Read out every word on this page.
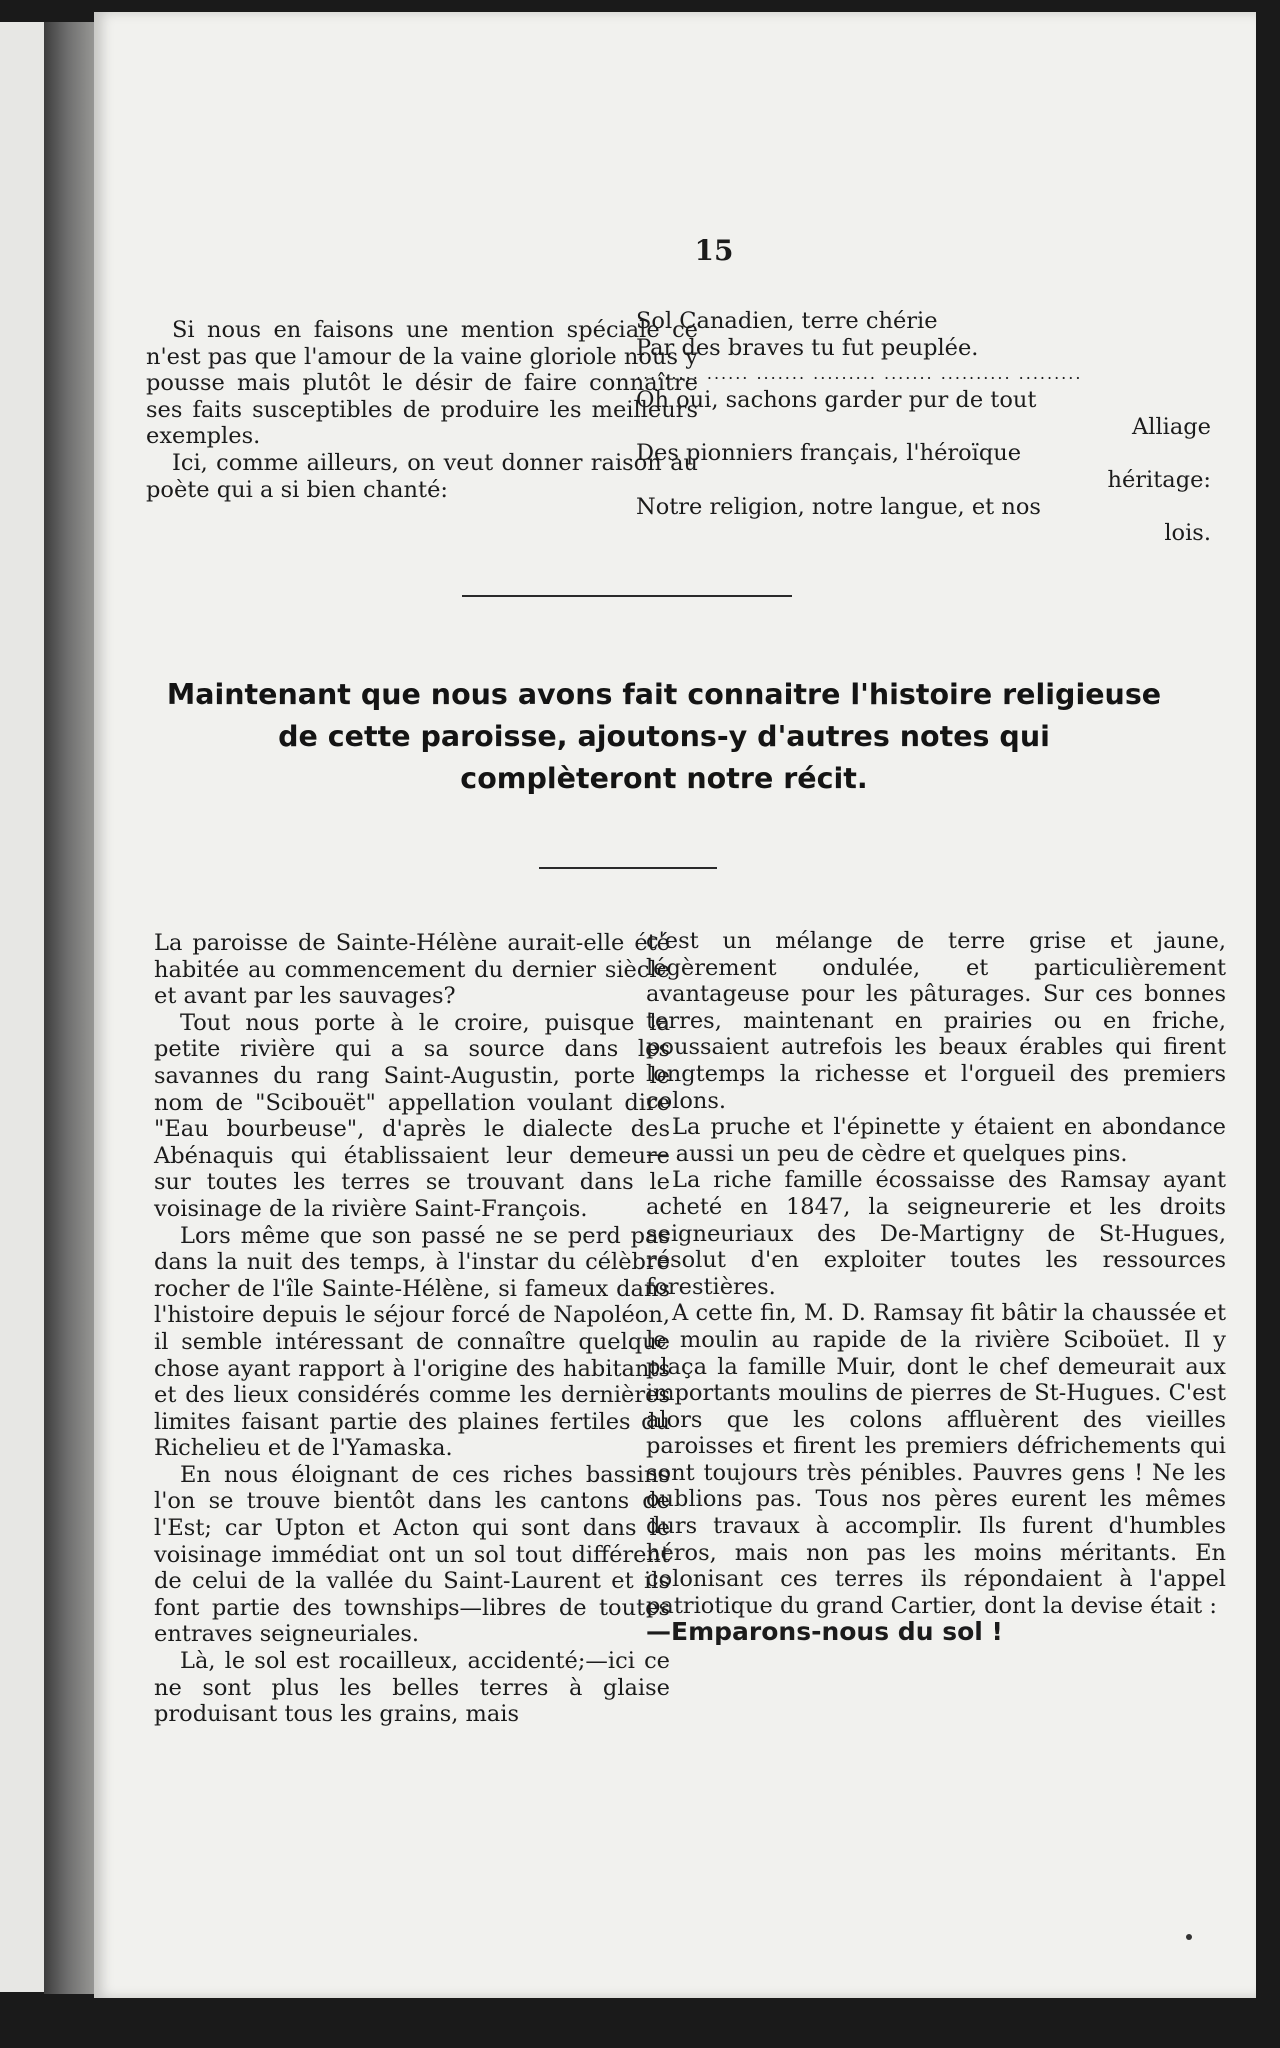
15

Si nous en faisons une mention spéciale ce n'est pas que l'amour de la vaine gloriole nous y pousse mais plutôt le désir de faire connaître ses faits susceptibles de produire les meilleurs exemples.

Ici, comme ailleurs, on veut donner raison au poète qui a si bien chanté:

Sol Canadien, terre chérie
Par des braves tu fut peuplée.
......... ...... ....... ......... ....... .......... .........
Oh oui, sachons garder pur de tout
Alliage
Des pionniers français, l'héroïque
héritage:
Notre religion, notre langue, et nos
lois.
Maintenant que nous avons fait connaitre l'histoire religieuse
de cette paroisse, ajoutons-y d'autres notes qui
complèteront notre récit.

La paroisse de Sainte-Hélène aurait-elle été habitée au commencement du dernier siècle et avant par les sauvages?

Tout nous porte à le croire, puisque la petite rivière qui a sa source dans les savannes du rang Saint-Augustin, porte le nom de "Scibouët" appellation voulant dire "Eau bourbeuse", d'après le dialecte des Abénaquis qui établissaient leur demeure sur toutes les terres se trouvant dans le voisinage de la rivière Saint-François.

Lors même que son passé ne se perd pas dans la nuit des temps, à l'instar du célèbre rocher de l'île Sainte-Hélène, si fameux dans l'histoire depuis le séjour forcé de Napoléon, il semble intéressant de connaître quelque chose ayant rapport à l'origine des habitants et des lieux considérés comme les dernières limites faisant partie des plaines fertiles du Richelieu et de l'Yamaska.

En nous éloignant de ces riches bassins l'on se trouve bientôt dans les cantons de l'Est; car Upton et Acton qui sont dans le voisinage immédiat ont un sol tout différent de celui de la vallée du Saint-Laurent et ils font partie des townships—libres de toutes entraves seigneuriales.

Là, le sol est rocailleux, accidenté;—ici ce ne sont plus les belles terres à glaise produisant tous les grains, mais

c'est un mélange de terre grise et jaune, légèrement ondulée, et particulièrement avantageuse pour les pâturages. Sur ces bonnes terres, maintenant en prairies ou en friche, poussaient autrefois les beaux érables qui firent longtemps la richesse et l'orgueil des premiers colons.

La pruche et l'épinette y étaient en abondance — aussi un peu de cèdre et quelques pins.

La riche famille écossaisse des Ramsay ayant acheté en 1847, la seigneurerie et les droits seigneuriaux des De-Martigny de St-Hugues, résolut d'en exploiter toutes les ressources forestières.

A cette fin, M. D. Ramsay fit bâtir la chaussée et le moulin au rapide de la rivière Sciboüet. Il y plaça la famille Muir, dont le chef demeurait aux importants moulins de pierres de St-Hugues. C'est alors que les colons affluèrent des vieilles paroisses et firent les premiers défrichements qui sont toujours très pénibles. Pauvres gens ! Ne les oublions pas. Tous nos pères eurent les mêmes durs travaux à accomplir. Ils furent d'humbles héros, mais non pas les moins méritants. En colonisant ces terres ils répondaient à l'appel patriotique du grand Cartier, dont la devise était :

—Emparons-nous du sol !
